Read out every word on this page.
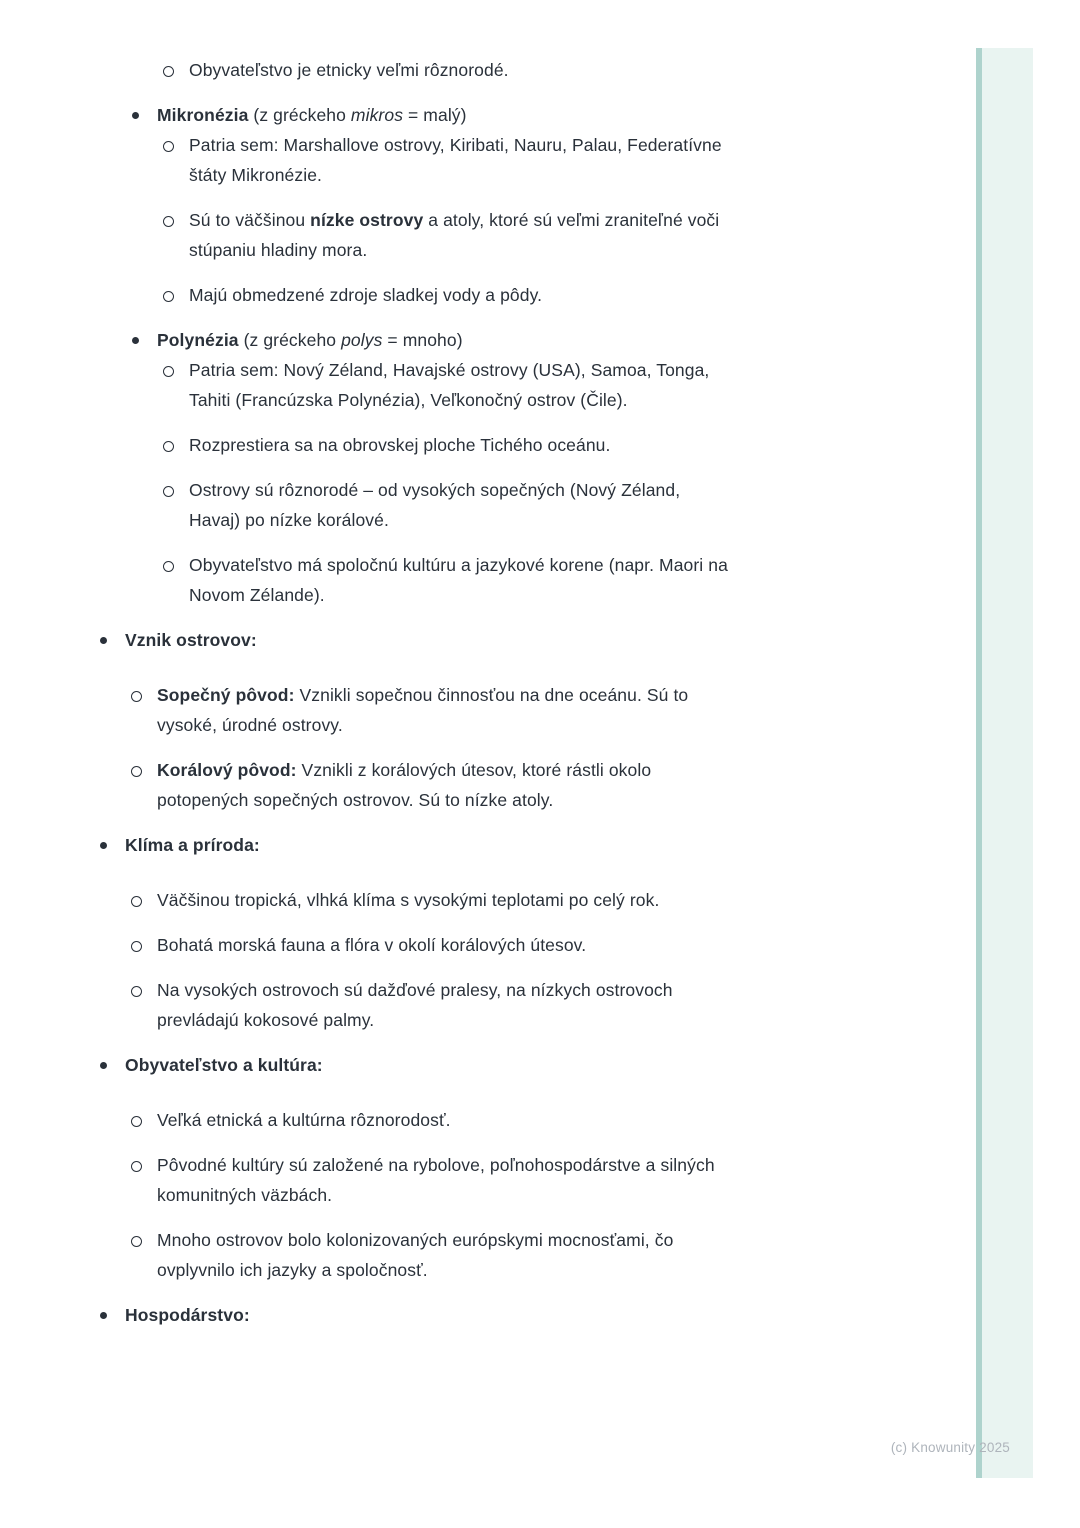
Obyvateľstvo je etnicky veľmi rôznorodé.
Mikronézia (z gréckeho mikros = malý)
Patria sem: Marshallove ostrovy, Kiribati, Nauru, Palau, Federatívne
štáty Mikronézie.
Sú to väčšinou nízke ostrovy a atoly, ktoré sú veľmi zraniteľné voči
stúpaniu hladiny mora.
Majú obmedzené zdroje sladkej vody a pôdy.
Polynézia (z gréckeho polys = mnoho)
Patria sem: Nový Zéland, Havajské ostrovy (USA), Samoa, Tonga,
Tahiti (Francúzska Polynézia), Veľkonočný ostrov (Čile).
Rozprestiera sa na obrovskej ploche Tichého oceánu.
Ostrovy sú rôznorodé – od vysokých sopečných (Nový Zéland,
Havaj) po nízke korálové.
Obyvateľstvo má spoločnú kultúru a jazykové korene (napr. Maori na
Novom Zélande).
Vznik ostrovov:
Sopečný pôvod: Vznikli sopečnou činnosťou na dne oceánu. Sú to
vysoké, úrodné ostrovy.
Korálový pôvod: Vznikli z korálových útesov, ktoré rástli okolo
potopených sopečných ostrovov. Sú to nízke atoly.
Klíma a príroda:
Väčšinou tropická, vlhká klíma s vysokými teplotami po celý rok.
Bohatá morská fauna a flóra v okolí korálových útesov.
Na vysokých ostrovoch sú dažďové pralesy, na nízkych ostrovoch
prevládajú kokosové palmy.
Obyvateľstvo a kultúra:
Veľká etnická a kultúrna rôznorodosť.
Pôvodné kultúry sú založené na rybolove, poľnohospodárstve a silných
komunitných väzbách.
Mnoho ostrovov bolo kolonizovaných európskymi mocnosťami, čo
ovplyvnilo ich jazyky a spoločnosť.
Hospodárstvo:
(c) Knowunity 2025
